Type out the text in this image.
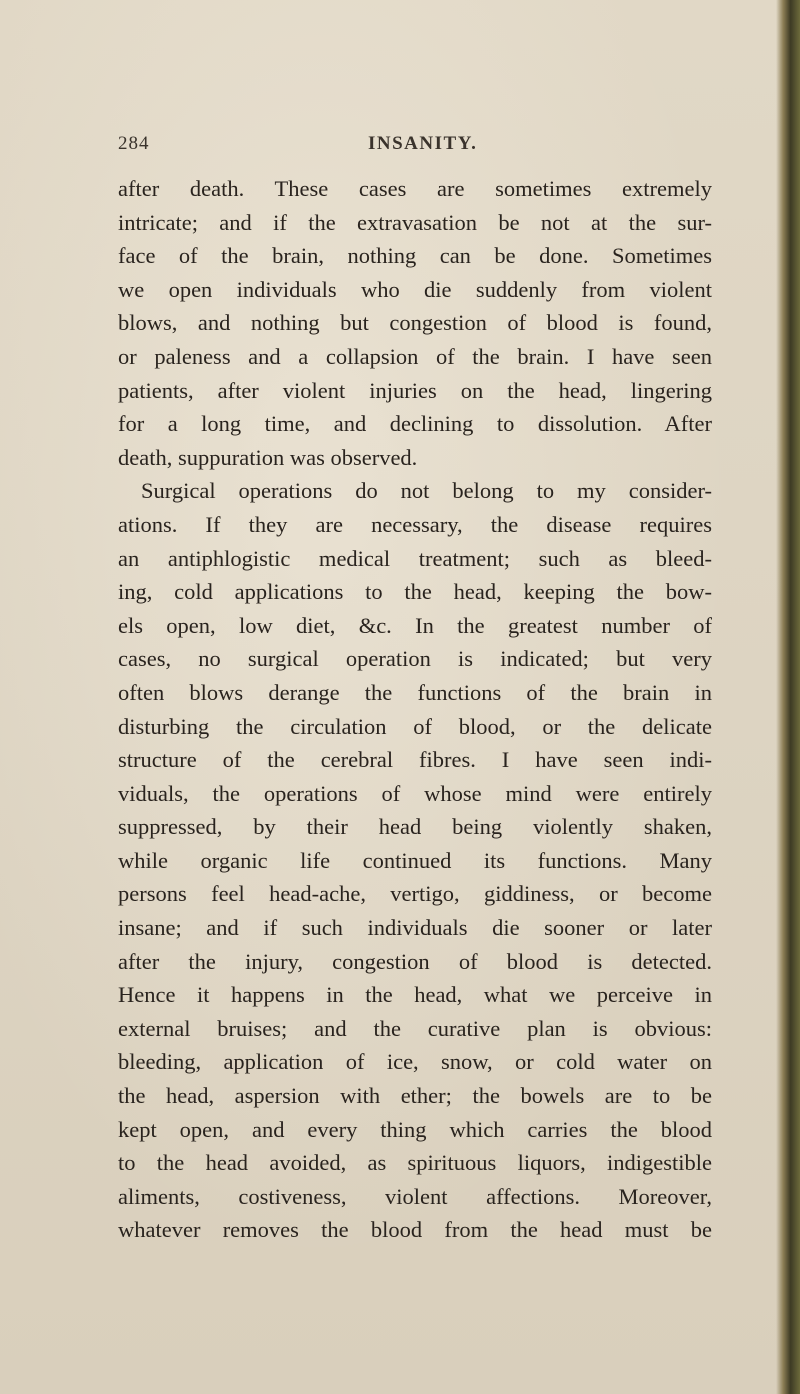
284	INSANITY.
after death. These cases are sometimes extremely
intricate; and if the extravasation be not at the sur-
face of the brain, nothing can be done. Sometimes
we open individuals who die suddenly from violent
blows, and nothing but congestion of blood is found,
or paleness and a collapsion of the brain. I have seen
patients, after violent injuries on the head, lingering
for a long time, and declining to dissolution. After
death, suppuration was observed.
Surgical operations do not belong to my consider-
ations. If they are necessary, the disease requires
an antiphlogistic medical treatment; such as bleed-
ing, cold applications to the head, keeping the bow-
els open, low diet, &c. In the greatest number of
cases, no surgical operation is indicated; but very
often blows derange the functions of the brain in
disturbing the circulation of blood, or the delicate
structure of the cerebral fibres. I have seen indi-
viduals, the operations of whose mind were entirely
suppressed, by their head being violently shaken,
while organic life continued its functions. Many
persons feel head-ache, vertigo, giddiness, or become
insane; and if such individuals die sooner or later
after the injury, congestion of blood is detected.
Hence it happens in the head, what we perceive in
external bruises; and the curative plan is obvious:
bleeding, application of ice, snow, or cold water on
the head, aspersion with ether; the bowels are to be
kept open, and every thing which carries the blood
to the head avoided, as spirituous liquors, indigestible
aliments, costiveness, violent affections. Moreover,
whatever removes the blood from the head must be
